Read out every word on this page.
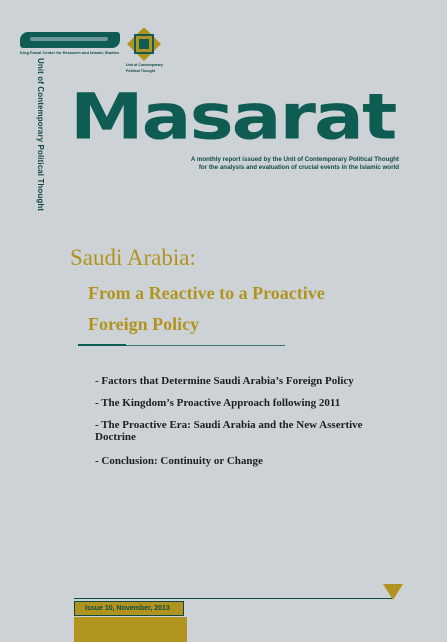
King Faisal Center for Research and Islamic Studies
Unit of Contemporary
Political Thought
Unit of Contemporary Political Thought Masarat
A monthly report issued by the Unit of Contemporary Political Thought
for the analysis and evaluation of crucial events in the Islamic world
Saudi Arabia:
From a Reactive to a Proactive
Foreign Policy
- Factors that Determine Saudi Arabia’s Foreign Policy
- The Kingdom’s Proactive Approach following 2011
- The Proactive Era: Saudi Arabia and the New Assertive Doctrine
- Conclusion: Continuity or Change
Issue 10, November, 2013
